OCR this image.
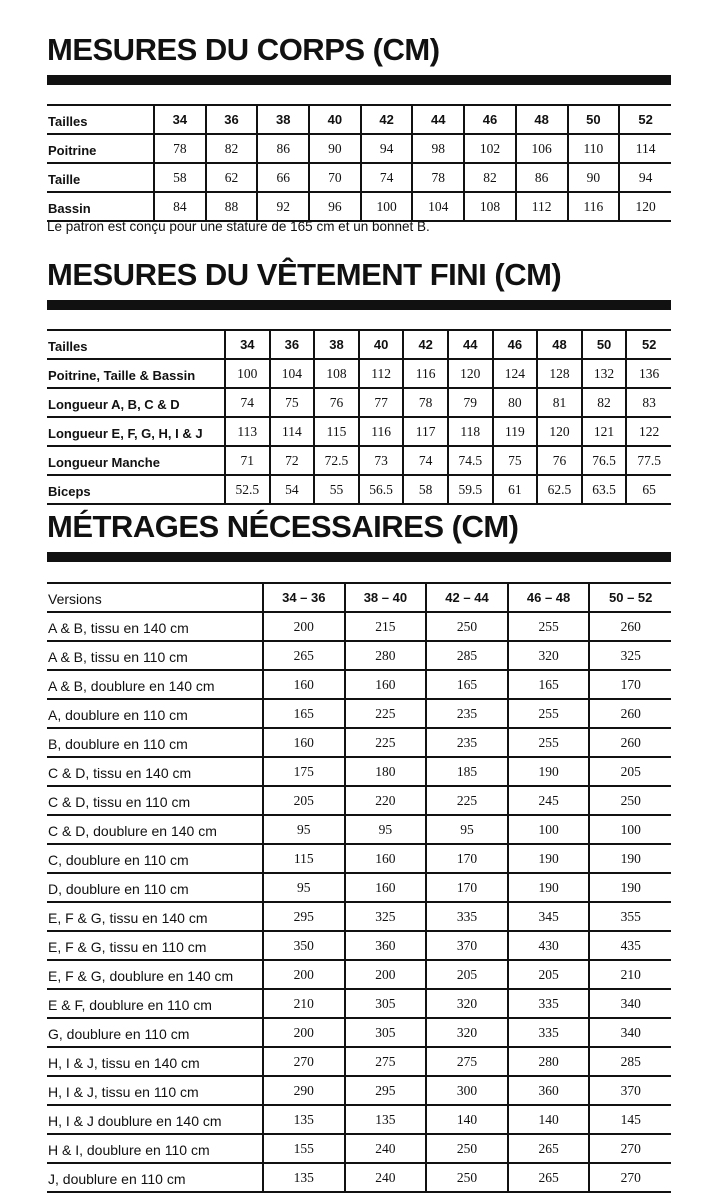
MESURES DU CORPS (CM)
Tailles	34	36	38	40	42	44	46	48	50	52
Poitrine	78	82	86	90	94	98	102	106	110	114
Taille	58	62	66	70	74	78	82	86	90	94
Bassin	84	88	92	96	100	104	108	112	116	120

Le patron est conçu pour une stature de 165 cm et un bonnet B.

MESURES DU VÊTEMENT FINI (CM)
Tailles	34	36	38	40	42	44	46	48	50	52
Poitrine, Taille & Bassin	100	104	108	112	116	120	124	128	132	136
Longueur A, B, C & D	74	75	76	77	78	79	80	81	82	83
Longueur E, F, G, H, I & J	113	114	115	116	117	118	119	120	121	122
Longueur Manche	71	72	72.5	73	74	74.5	75	76	76.5	77.5
Biceps	52.5	54	55	56.5	58	59.5	61	62.5	63.5	65
MÉTRAGES NÉCESSAIRES (CM)
Versions	34 – 36	38 – 40	42 – 44	46 – 48	50 – 52
A & B, tissu en 140 cm	200	215	250	255	260
A & B, tissu en 110 cm	265	280	285	320	325
A & B, doublure en 140 cm	160	160	165	165	170
A, doublure en 110 cm	165	225	235	255	260
B, doublure en 110 cm	160	225	235	255	260
C & D, tissu en 140 cm	175	180	185	190	205
C & D, tissu en 110 cm	205	220	225	245	250
C & D, doublure en 140 cm	95	95	95	100	100
C, doublure en 110 cm	115	160	170	190	190
D, doublure en 110 cm	95	160	170	190	190
E, F & G, tissu en 140 cm	295	325	335	345	355
E, F & G, tissu en 110 cm	350	360	370	430	435
E, F & G, doublure en 140 cm	200	200	205	205	210
E & F, doublure en 110 cm	210	305	320	335	340
G, doublure en 110 cm	200	305	320	335	340
H, I & J, tissu en 140 cm	270	275	275	280	285
H, I & J, tissu en 110 cm	290	295	300	360	370
H, I & J doublure en 140 cm	135	135	140	140	145
H & I, doublure en 110 cm	155	240	250	265	270
J, doublure en 110 cm	135	240	250	265	270
